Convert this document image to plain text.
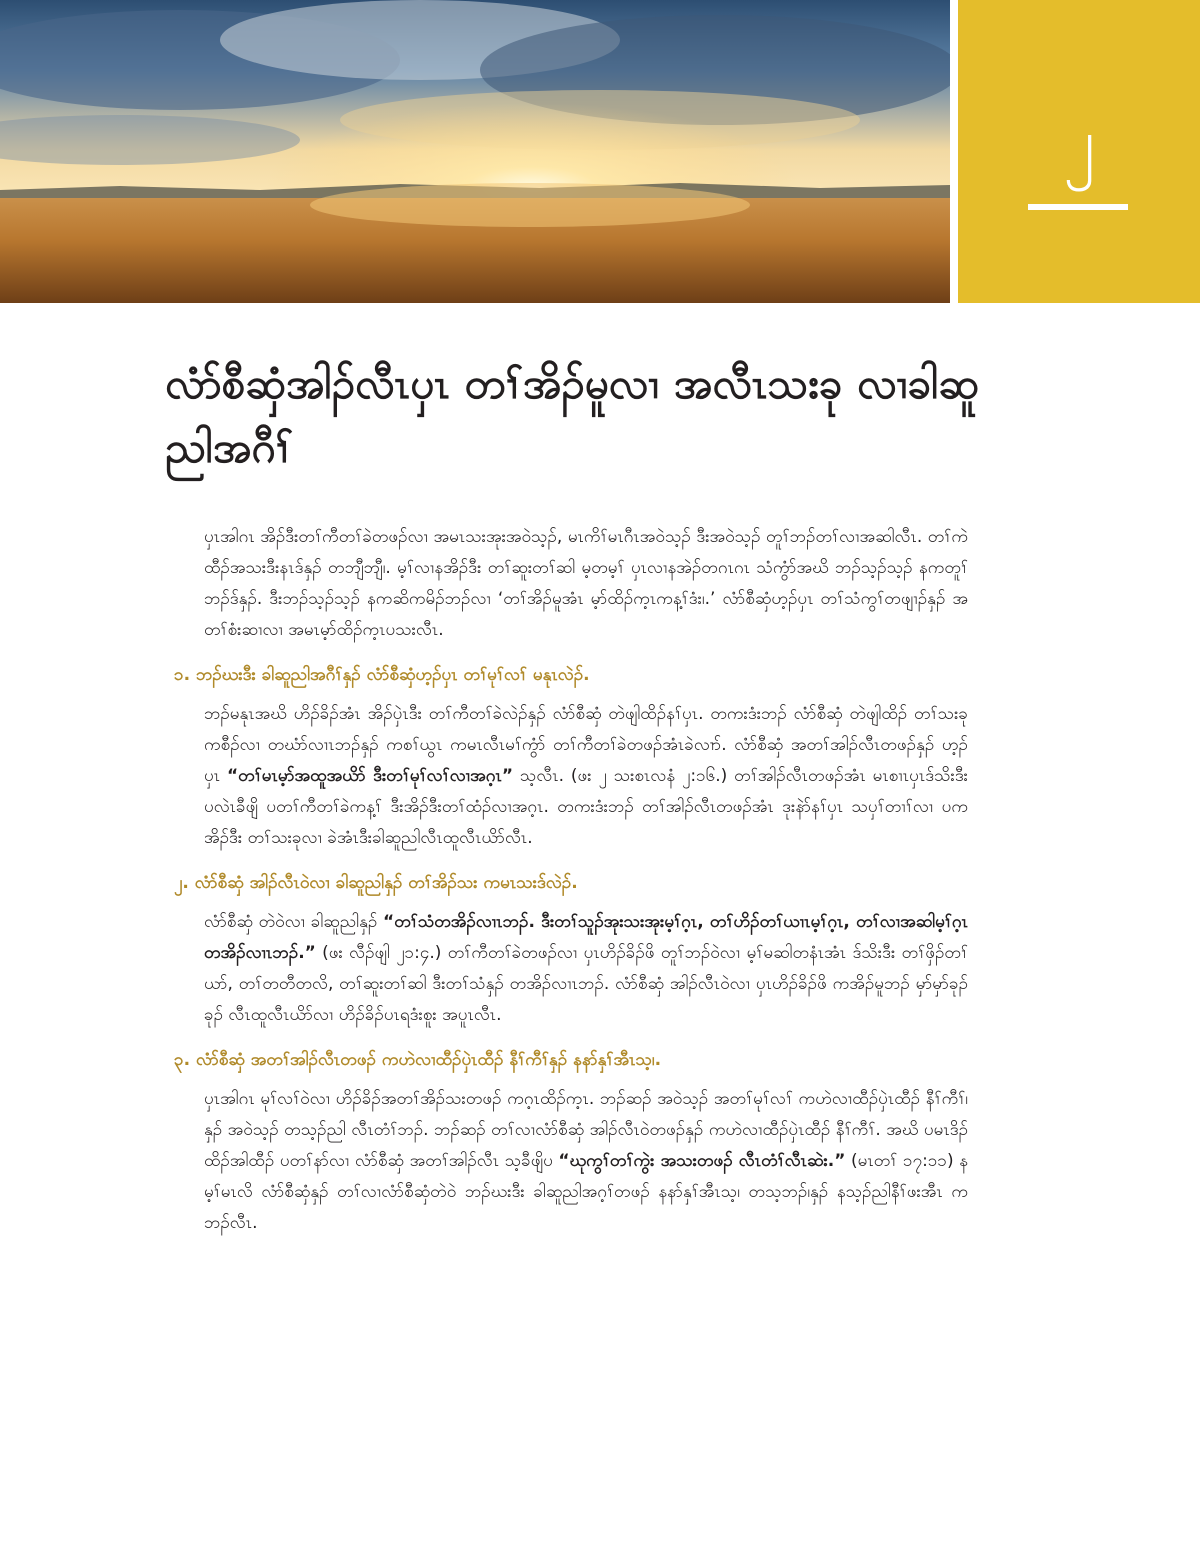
၂
လံာ်စီဆှံအါၣ်လီၤပှၤ တၢ်အိၣ်မူလၢ အလီၤသးခု လၢခါဆူညါအဂီၢ်

ပှၤအါဂၤ အိၣ်ဒီးတၢ်ကီတၢ်ခဲတဖၣ်လၢ အမၤသးအုးအဝဲသ့ၣ်, မၤကိၢ်မၤဂီၤအဝဲသ့ၣ် ဒီးအဝဲသ့ၣ် တူၢ်ဘၣ်တၢ်လၢအဆါလီၤ. တၢ်ကဲထီၣ်အသးဒီးနၤဒ်နှၣ် တဘျီဘျီ၊. မ့ၢ်လၢနအိၣ်ဒီး တၢ်ဆူးတၢ်ဆါ မ့တမ့ၢ် ပှၤလၢနအဲၣ်တဂၤဂၤ သံကွံာ်အဃိ ဘၣ်သ့ၣ်သ့ၣ် နကတူၢ်ဘၣ်ဒ်နှၣ်. ဒီးဘၣ်သ့ၣ်သ့ၣ် နကဆိကမိၣ်ဘၣ်လၢ ‘တၢ်အိၣ်မူအံၤ မ့ာ်ထိၣ်က့ၤကန့ၢ်ဒံး၊.’ လံာ်စီဆှံဟ့ၣ်ပှၤ တၢ်သံကွၢ်တဖျၢၣ်နှၣ် အတၢ်စံးဆၢလၢ အမၤမ့ာ်ထိၣ်က့ၤပသးလီၤ.

၁. ဘၣ်ဃးဒီး ခါဆူညါအဂီၢ်နှၣ် လံာ်စီဆှံဟ့ၣ်ပှၤ တၢ်မုၢ်လၢ် မနုၤလဲၣ်.

ဘၣ်မနုၤအဃိ ဟိၣ်ခိၣ်အံၤ အိၣ်ပှဲၤဒီး တၢ်ကီတၢ်ခဲလဲၣ်နှၣ် လံာ်စီဆှံ တဲဖျါထိၣ်နၢ်ပှၤ. တကးဒံးဘၣ် လံာ်စီဆှံ တဲဖျါထိၣ် တၢ်သးခုကစီၣ်လၢ တဃံာ်လၢၤဘၣ်နှၣ် ကစၢ်ယွၤ ကမၤလီၤမၢ်ကွံာ် တၢ်ကီတၢ်ခဲတဖၣ်အံၤခဲလၢာ်. လံာ်စီဆှံ အတၢ်အါၣ်လီၤတဖၣ်နှၣ် ဟ့ၣ်ပှၤ “တၢ်မၤမ့ာ်အထူအယိာ် ဒီးတၢ်မုၢ်လၢ်လၢအဂ့ၤ” သ့လီၤ. (ဖး ၂ သးစၤလနံ ၂:၁၆.) တၢ်အါၣ်လီၤတဖၣ်အံၤ မၤစၢၤပှၤဒ်သိးဒီး ပလဲၤခီဖျိ ပတၢ်ကီတၢ်ခဲကန့ၢ် ဒီးအိၣ်ဒီးတၢ်ထံၣ်လၢအဂ့ၤ. တကးဒံးဘၣ် တၢ်အါၣ်လီၤတဖၣ်အံၤ ဒုးနဲာ်နၢ်ပှၤ သပှၢ်တၢၢ်လၢ ပကအိၣ်ဒီး တၢ်သးခုလၢ ခဲအံၤဒီးခါဆူညါလီၤထူလီၤယိာ်လီၤ.

၂. လံာ်စီဆှံ အါၣ်လီၤဝဲလၢ ခါဆူညါနှၣ် တၢ်အိၣ်သး ကမၤသးဒ်လဲၣ်.

လံာ်စီဆှံ တဲဝဲလၢ ခါဆူညါနှၣ် “တၢ်သံတအိၣ်လၢၤဘၣ်. ဒီးတၢ်သူၣ်အုးသးအုးမ့ၢ်ဂ့ၤ, တၢ်ဟိၣ်တၢ်ယၢၤမ့ၢ်ဂ့ၤ, တၢ်လၢအဆါမ့ၢ်ဂ့ၤ တအိၣ်လၢၤဘၣ်.” (ဖး လီၣ်ဖျါ ၂၁:၄.) တၢ်ကီတၢ်ခဲတဖၣ်လၢ ပှၤဟိၣ်ခိၣ်ဖိ တူၢ်ဘၣ်ဝဲလၢ မ့ၢ်မဆါတနံၤအံၤ ဒ်သိးဒီး တၢ်ဖှိၣ်တၢ်ယာ်, တၢ်တတီတလိ, တၢ်ဆူးတၢ်ဆါ ဒီးတၢ်သံနှၣ် တအိၣ်လၢၤဘၣ်. လံာ်စီဆှံ အါၣ်လီၤဝဲလၢ ပှၤဟိၣ်ခိၣ်ဖိ ကအိၣ်မူဘၣ် မှာ်မှာ်ခုၣ်ခုၣ် လီၤထူလီၤယိာ်လၢ ဟိၣ်ခိၣ်ပၤရဒံးစူး အပူၤလီၤ.

၃. လံာ်စီဆှံ အတၢ်အါၣ်လီၤတဖၣ် ကဟဲလၢထီၣ်ပှဲၤထီၣ် နီၢ်ကီၢ်နှၣ် နနာ်နှၢ်အီၤသ့၊.

ပှၤအါဂၤ မုၢ်လၢ်ဝဲလၢ ဟိၣ်ခိၣ်အတၢ်အိၣ်သးတဖၣ် ကဂ့ၤထိၣ်က့ၤ. ဘၣ်ဆၣ် အဝဲသ့ၣ် အတၢ်မုၢ်လၢ် ကဟဲလၢထီၣ်ပှဲၤထီၣ် နီၢ်ကီၢ်၊နှၣ် အဝဲသ့ၣ် တသ့ၣ်ညါ လီၤတံၢ်ဘၣ်. ဘၣ်ဆၣ် တၢ်လၢလံာ်စီဆှံ အါၣ်လီၤဝဲတဖၣ်နှၣ် ကဟဲလၢထီၣ်ပှဲၤထီၣ် နီၢ်ကီၢ်. အဃိ ပမၤဒိၣ်ထိၣ်အါထီၣ် ပတၢ်နာ်လၢ လံာ်စီဆှံ အတၢ်အါၣ်လီၤ သ့ခီဖျိပ “ဃုကွၢ်တၢ်ကွဲး အသးတဖၣ် လီၤတံၢ်လီၤဆဲး.” (မၤတၢ် ၁၇:၁၁) နမ့ၢ်မၤလိ လံာ်စီဆှံနှၣ် တၢ်လၢလံာ်စီဆှံတဲဝဲ ဘၣ်ဃးဒီး ခါဆူညါအဂ့ၢ်တဖၣ် နနာ်နှၢ်အီၤသ့၊ တသ့ဘၣ်၊နှၣ် နသ့ၣ်ညါနီၢ်ဖးအီၤ ကဘၣ်လီၤ.
